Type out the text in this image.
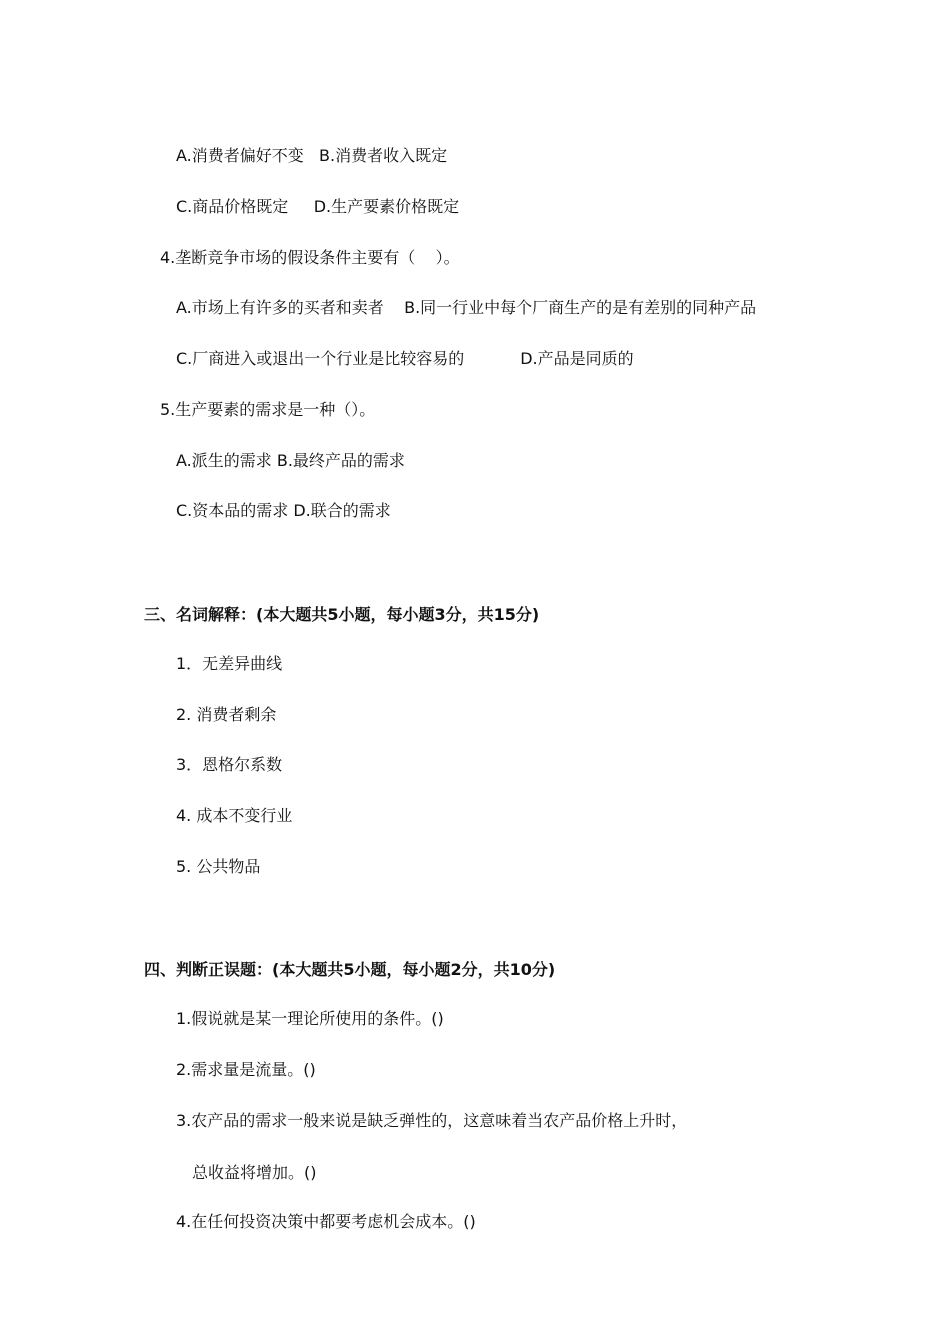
A.消费者偏好不变   B.消费者收入既定
C.商品价格既定     D.生产要素价格既定
4.垄断竞争市场的假设条件主要有（    ）。
A.市场上有许多的买者和卖者    B.同一行业中每个厂商生产的是有差别的同种产品
C.厂商进入或退出一个行业是比较容易的           D.产品是同质的
5.生产要素的需求是一种（）。
A.派生的需求 B.最终产品的需求
C.资本品的需求 D.联合的需求
三、名词解释：(本大题共5小题，每小题3分，共15分)
1．无差异曲线
2. 消费者剩余
3．恩格尔系数
4. 成本不变行业
5. 公共物品
四、判断正误题：(本大题共5小题，每小题2分，共10分)
1.假说就是某一理论所使用的条件。()
2.需求量是流量。()
3.农产品的需求一般来说是缺乏弹性的，这意味着当农产品价格上升时，
总收益将增加。()
4.在任何投资决策中都要考虑机会成本。()
